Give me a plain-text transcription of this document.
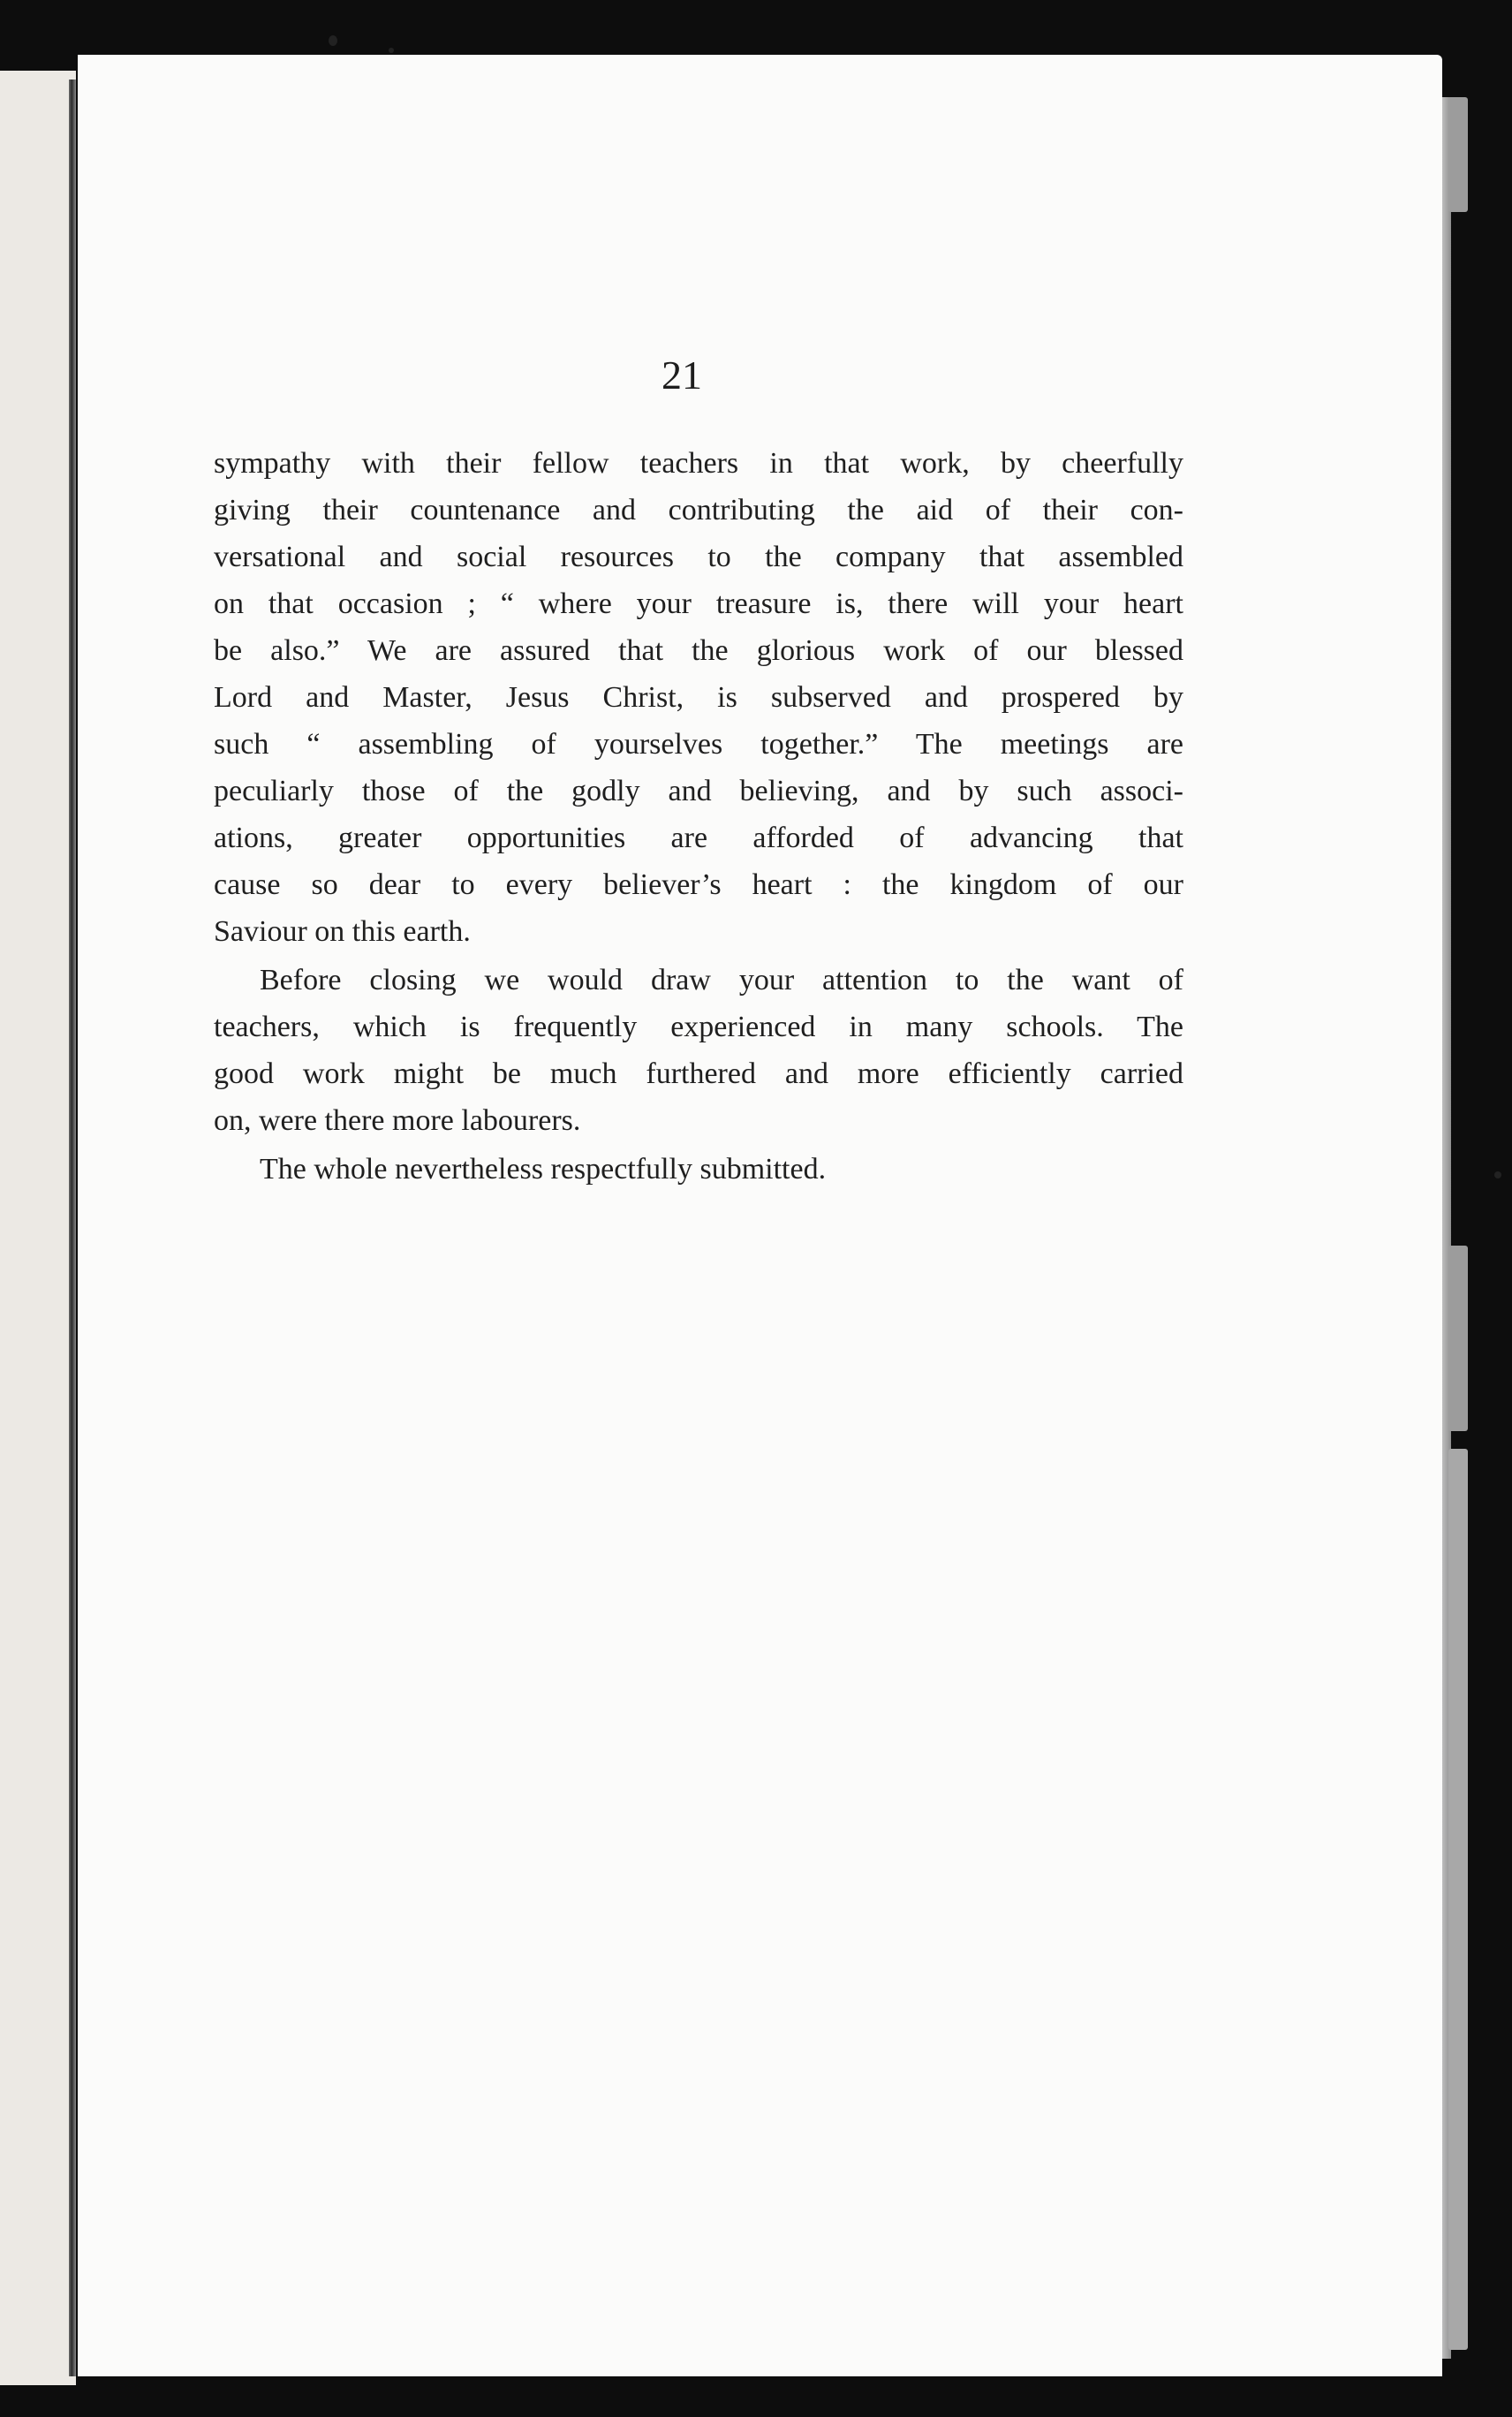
21
sympathy with their fellow teachers in that work, by cheerfully
giving their countenance and contributing the aid of their con-
versational and social resources to the company that assembled
on that occasion ; “ where your treasure is, there will your heart
be also.” We are assured that the glorious work of our blessed
Lord and Master, Jesus Christ, is subserved and prospered by
such “ assembling of yourselves together.” The meetings are
peculiarly those of the godly and believing, and by such associ-
ations, greater opportunities are afforded of advancing that
cause so dear to every believer’s heart : the kingdom of our
Saviour on this earth.
Before closing we would draw your attention to the want of
teachers, which is frequently experienced in many schools. The
good work might be much furthered and more efficiently carried
on, were there more labourers.
The whole nevertheless respectfully submitted.
